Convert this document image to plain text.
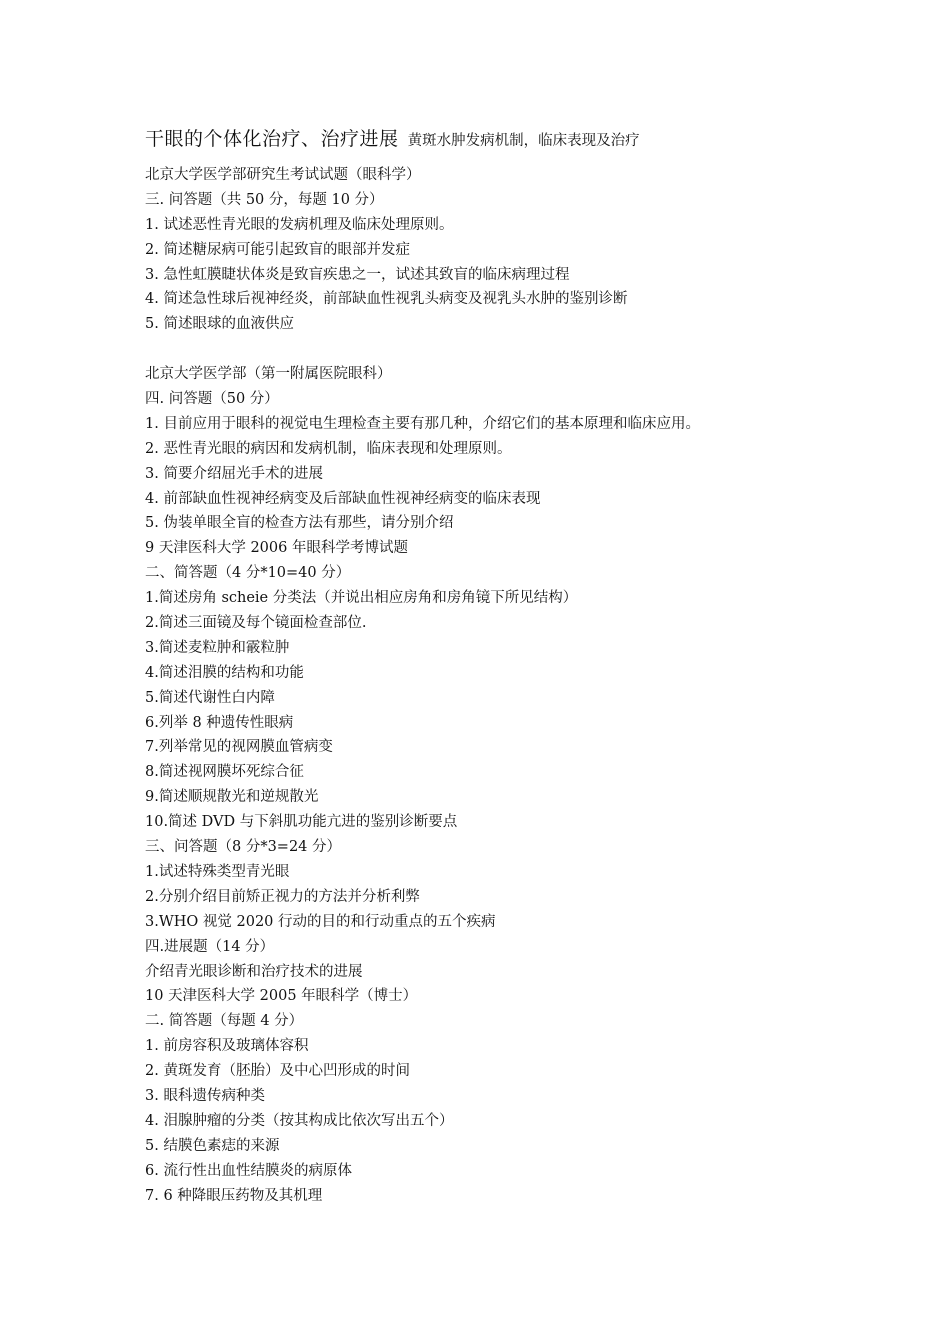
干眼的个体化治疗、治疗进展 黄斑水肿发病机制，临床表现及治疗
北京大学医学部研究生考试试题（眼科学）
三. 问答题（共 50 分，每题 10 分）
1. 试述恶性青光眼的发病机理及临床处理原则。
2. 简述糖尿病可能引起致盲的眼部并发症
3. 急性虹膜睫状体炎是致盲疾患之一，试述其致盲的临床病理过程
4. 简述急性球后视神经炎，前部缺血性视乳头病变及视乳头水肿的鉴别诊断
5. 简述眼球的血液供应
北京大学医学部（第一附属医院眼科）
四. 问答题（50 分）
1. 目前应用于眼科的视觉电生理检查主要有那几种，介绍它们的基本原理和临床应用。
2. 恶性青光眼的病因和发病机制，临床表现和处理原则。
3. 简要介绍屈光手术的进展
4. 前部缺血性视神经病变及后部缺血性视神经病变的临床表现
5. 伪装单眼全盲的检查方法有那些，请分别介绍
9 天津医科大学 2006 年眼科学考博试题
二、简答题（4 分*10=40 分）
1.简述房角 scheie 分类法（并说出相应房角和房角镜下所见结构）
2.简述三面镜及每个镜面检查部位.
3.简述麦粒肿和霰粒肿
4.简述泪膜的结构和功能
5.简述代谢性白内障
6.列举 8 种遗传性眼病
7.列举常见的视网膜血管病变
8.简述视网膜坏死综合征
9.简述顺规散光和逆规散光
10.简述 DVD 与下斜肌功能亢进的鉴别诊断要点
三、问答题（8 分*3=24 分）
1.试述特殊类型青光眼
2.分别介绍目前矫正视力的方法并分析利弊
3.WHO 视觉 2020 行动的目的和行动重点的五个疾病
四.进展题（14 分）
介绍青光眼诊断和治疗技术的进展
10 天津医科大学 2005 年眼科学（博士）
二. 简答题（每题 4 分）
1. 前房容积及玻璃体容积
2. 黄斑发育（胚胎）及中心凹形成的时间
3. 眼科遗传病种类
4. 泪腺肿瘤的分类（按其构成比依次写出五个）
5. 结膜色素痣的来源
6. 流行性出血性结膜炎的病原体
7. 6 种降眼压药物及其机理
